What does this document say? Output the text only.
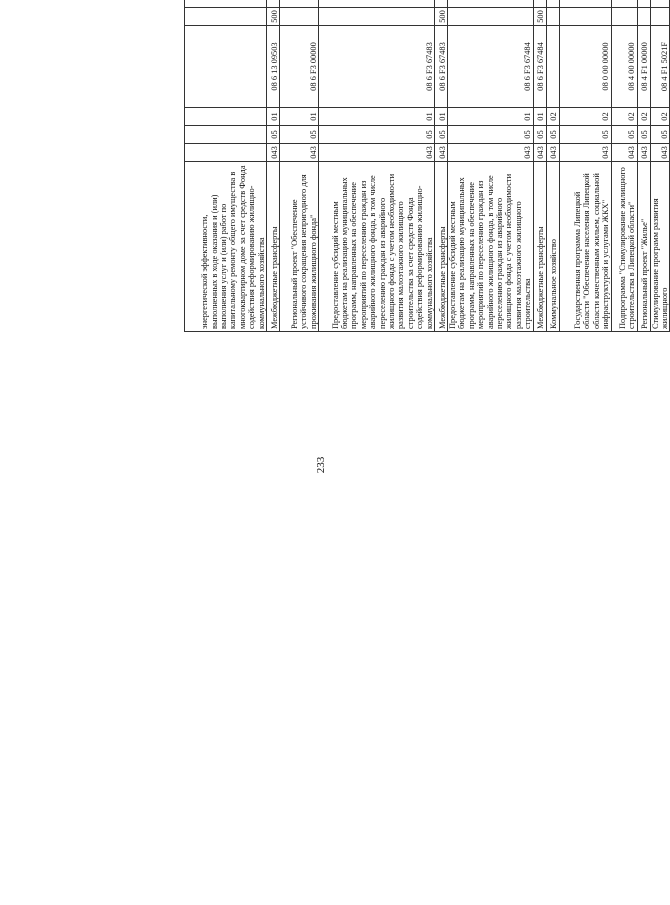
233
энергетической эффективности, выполненных в ходе оказания и (или) выполнения услуг и (или) работ по капитальному ремонту общего имущества в многоквартирном доме за счет средств Фонда содействия реформированию жилищно-коммунального хозяйства								
Межбюджетные трансферты	043	05	01	08 6 13 09503	500			
Региональный проект "Обеспечение устойчивого сокращения непригодного для проживания жилищного фонда"	043	05	01	08 6 F3 00000				
Предоставление субсидий местным бюджетам на реализацию муниципальных программ, направленных на обеспечение мероприятий по переселению граждан из аварийного жилищного фонда, в том числе переселению граждан из аварийного жилищного фонда с учетом необходимости развития малоэтажного жилищного строительства за счет средств Фонда содействия реформированию жилищно-коммунального хозяйства	043	05	01	08 6 F3 67483				
Межбюджетные трансферты	043	05	01	08 6 F3 67483	500			
Предоставление субсидий местным бюджетам на реализацию муниципальных программ, направленных на обеспечение мероприятий по переселению граждан из аварийного жилищного фонда, в том числе переселению граждан из аварийного жилищного фонда с учетом необходимости развития малоэтажного жилищного строительства	043	05	01	08 6 F3 67484				
Межбюджетные трансферты	043	05	01	08 6 F3 67484	500			
Коммунальное хозяйство	043	05	02					
Государственная программа Липецкой области "Обеспечение населения Липецкой области качественным жильем, социальной инфраструктурой и услугами ЖКХ"	043	05	02	08 0 00 00000				
Подпрограмма "Стимулирование жилищного строительства в Липецкой области"	043	05	02	08 4 00 00000				
Региональный проект "Жилье"	043	05	02	08 4 F1 00000				
Стимулирование программ развития жилищного	043	05	02	08 4 F1 5021F				
